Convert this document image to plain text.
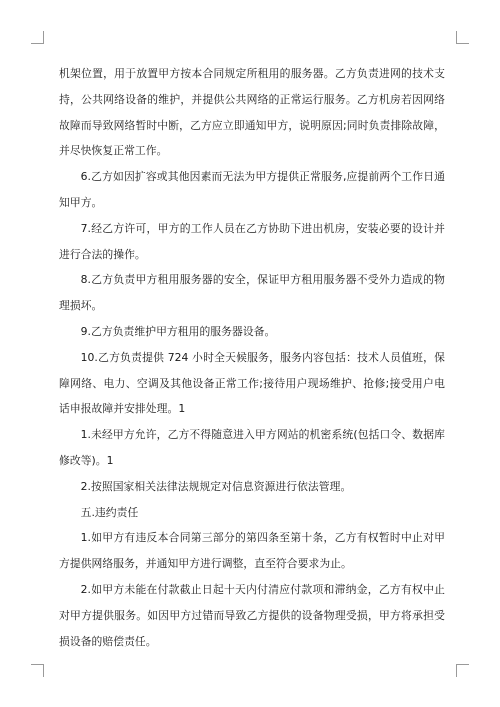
机架位置，用于放置甲方按本合同规定所租用的服务器。乙方负责进网的技术支持，公共网络设备的维护，并提供公共网络的正常运行服务。乙方机房若因网络故障而导致网络暂时中断，乙方应立即通知甲方，说明原因;同时负责排除故障，并尽快恢复正常工作。

6.乙方如因扩容或其他因素而无法为甲方提供正常服务,应提前两个工作日通知甲方。

7.经乙方许可，甲方的工作人员在乙方协助下进出机房，安装必要的设计并进行合法的操作。

8.乙方负责甲方租用服务器的安全，保证甲方租用服务器不受外力造成的物理损坏。

9.乙方负责维护甲方租用的服务器设备。

10.乙方负责提供 724 小时全天候服务，服务内容包括：技术人员值班，保障网络、电力、空调及其他设备正常工作;接待用户现场维护、抢修;接受用户电话申报故障并安排处理。1

1.未经甲方允许，乙方不得随意进入甲方网站的机密系统(包括口令、数据库修改等)。1

2.按照国家相关法律法规规定对信息资源进行依法管理。

五.违约责任

1.如甲方有违反本合同第三部分的第四条至第十条，乙方有权暂时中止对甲方提供网络服务，并通知甲方进行调整，直至符合要求为止。

2.如甲方未能在付款截止日起十天内付清应付款项和滞纳金，乙方有权中止对甲方提供服务。如因甲方过错而导致乙方提供的设备物理受损，甲方将承担受损设备的赔偿责任。
